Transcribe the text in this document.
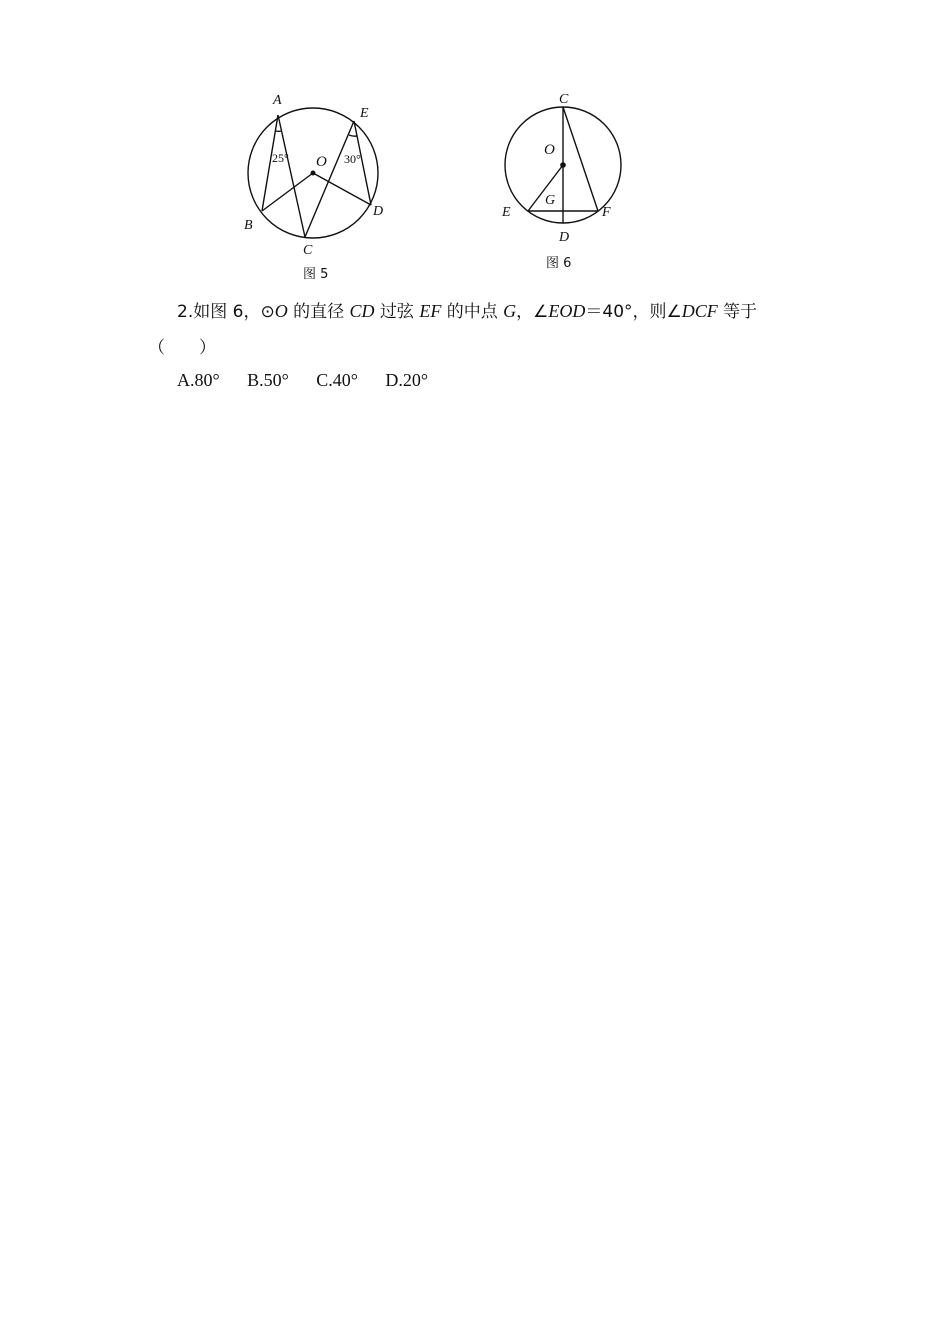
A
E
O
B
C
D
25°	30°
图 5
C
O
G
E	F
D
图 6
2.如图 6，⊙O 的直径 CD 过弦 EF 的中点 G，∠EOD＝40°，则∠DCF 等于
（　　）
A.80° B.50° C.40° D.20°
